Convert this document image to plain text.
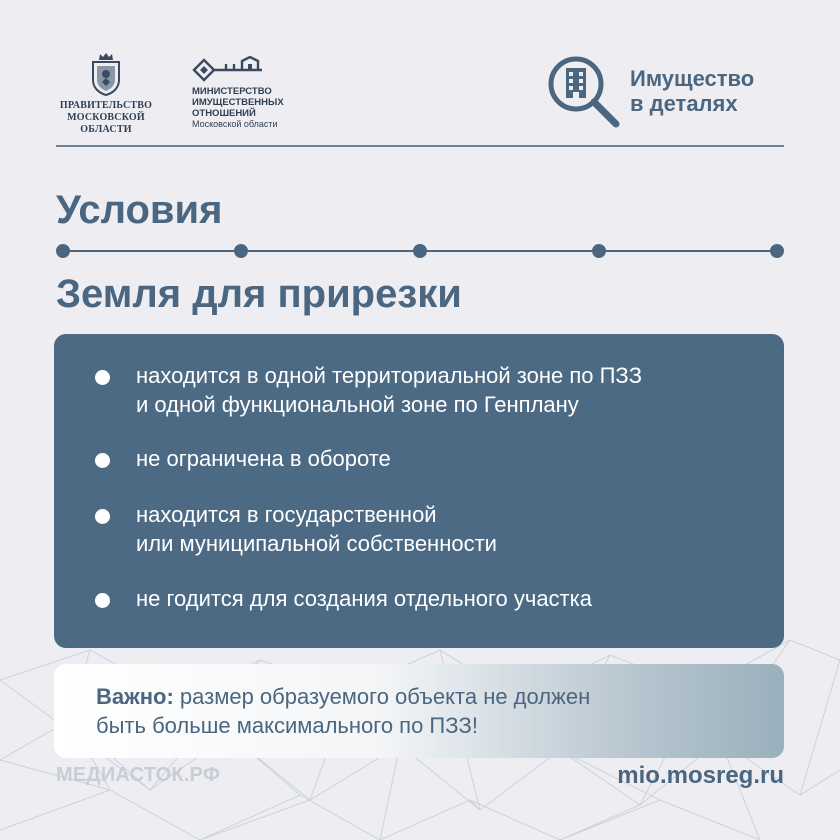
ПРАВИТЕЛЬСТВО
МОСКОВСКОЙ
ОБЛАСТИ
МИНИСТЕРСТВО
ИМУЩЕСТВЕННЫХ
ОТНОШЕНИЙ
Московской области
Имущество
в деталях
Условия
Земля для прирезки
находится в одной территориальной зоне по ПЗЗ
и одной функциональной зоне по Генплану
не ограничена в обороте
находится в государственной
или муниципальной собственности
не годится для создания отдельного участка
Важно: размер образуемого объекта не должен
быть больше максимального по ПЗЗ!
МЕДИАСТОК.РФ	mio.mosreg.ru
